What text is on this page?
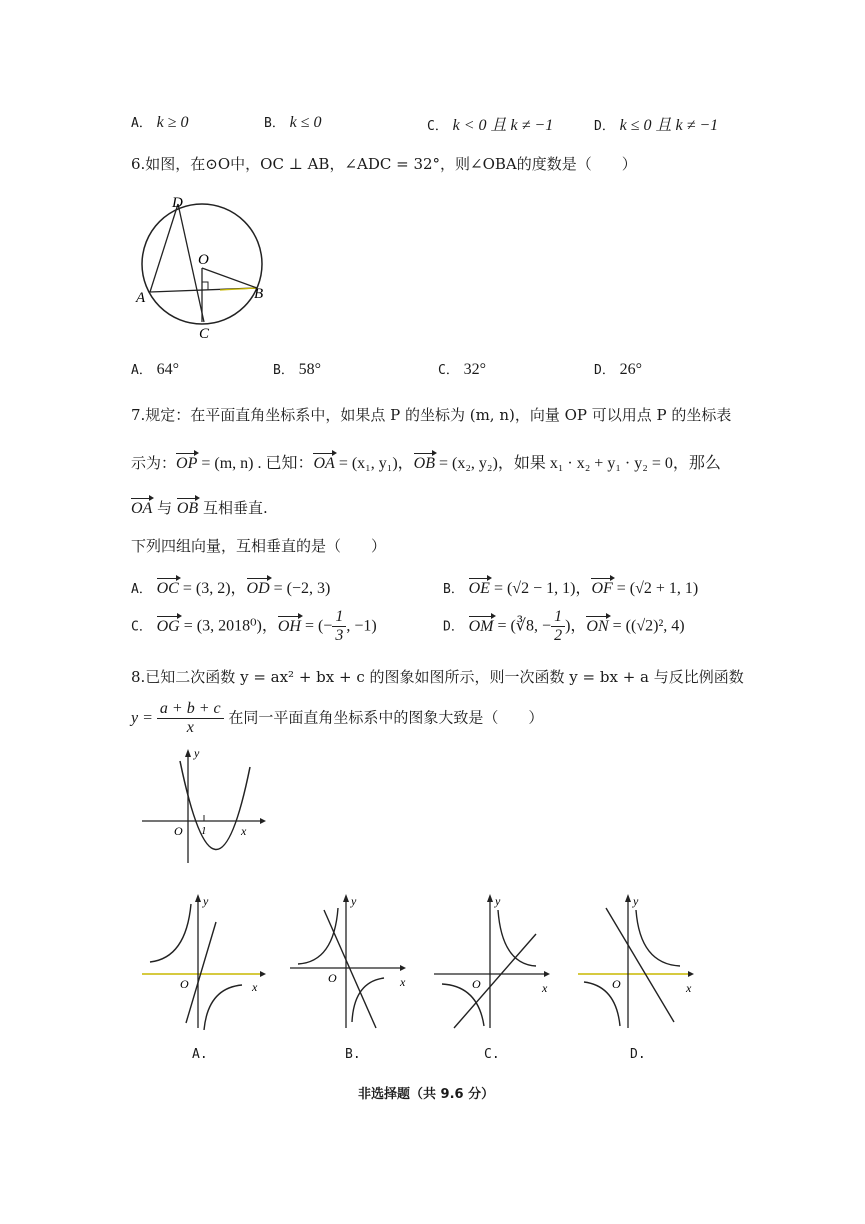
A． k ≥ 0	B． k ≤ 0	C． k < 0 且 k ≠ −1	D． k ≤ 0 且 k ≠ −1
6.如图，在⊙O中，OC ⊥ AB，∠ADC = 32°，则∠OBA的度数是（　　）
D
O
A	B
C
A． 64°	B． 58°	C． 32°	D． 26°
7.规定：在平面直角坐标系中，如果点 P 的坐标为 (m, n)，向量 OP 可以用点 P 的坐标表
示为：OP = (m, n) . 已知：OA = (x₁, y₁)，OB = (x₂, y₂)，如果 x₁ · x₂ + y₁ · y₂ = 0，那么
OA 与 OB 互相垂直.
下列四组向量，互相垂直的是（　　）
A． OC = (3, 2)，OD = (−2, 3)	B． OE = (√2 − 1, 1)，OF = (√2 + 1, 1)
C． OG = (3, 2018⁰)，OH = (− $\frac{1}{3}$ , −1)	D． OM = (∛8, − $\frac{1}{2}$ )，ON = ((√2)², 4)
8.已知二次函数 y = ax² + bx + c 的图象如图所示，则一次函数 y = bx + a 与反比例函数
$y = \frac{a + b + c}{x}$ 在同一平面直角坐标系中的图象大致是（　　）
y
O 1	x
y
O	x
y
O	x
y
O	x
y
O	x
A.	B.	C.	D.
非选择题（共 9.6 分）
